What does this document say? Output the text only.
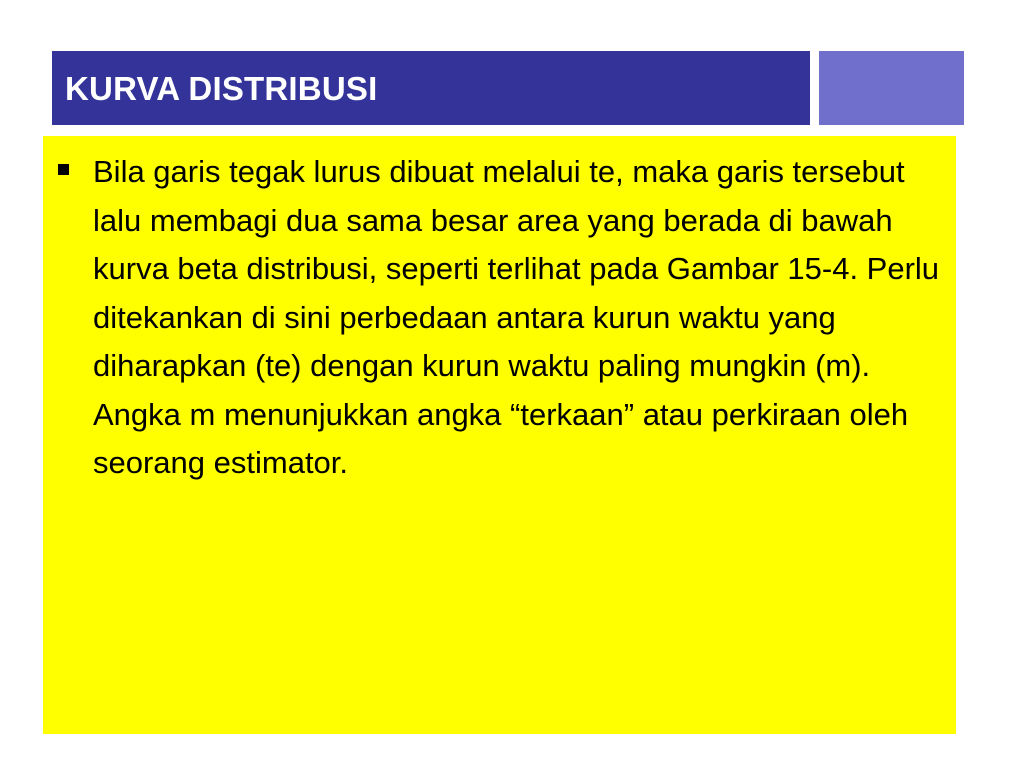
KURVA DISTRIBUSI

Bila garis tegak lurus dibuat melalui te, maka garis tersebut lalu membagi dua sama besar area yang berada di bawah kurva beta distribusi, seperti terlihat pada Gambar 15-4. Perlu ditekankan di sini perbedaan antara kurun waktu yang diharapkan (te) dengan kurun waktu paling mungkin (m). Angka m menunjukkan angka “terkaan” atau perkiraan oleh seorang estimator.
